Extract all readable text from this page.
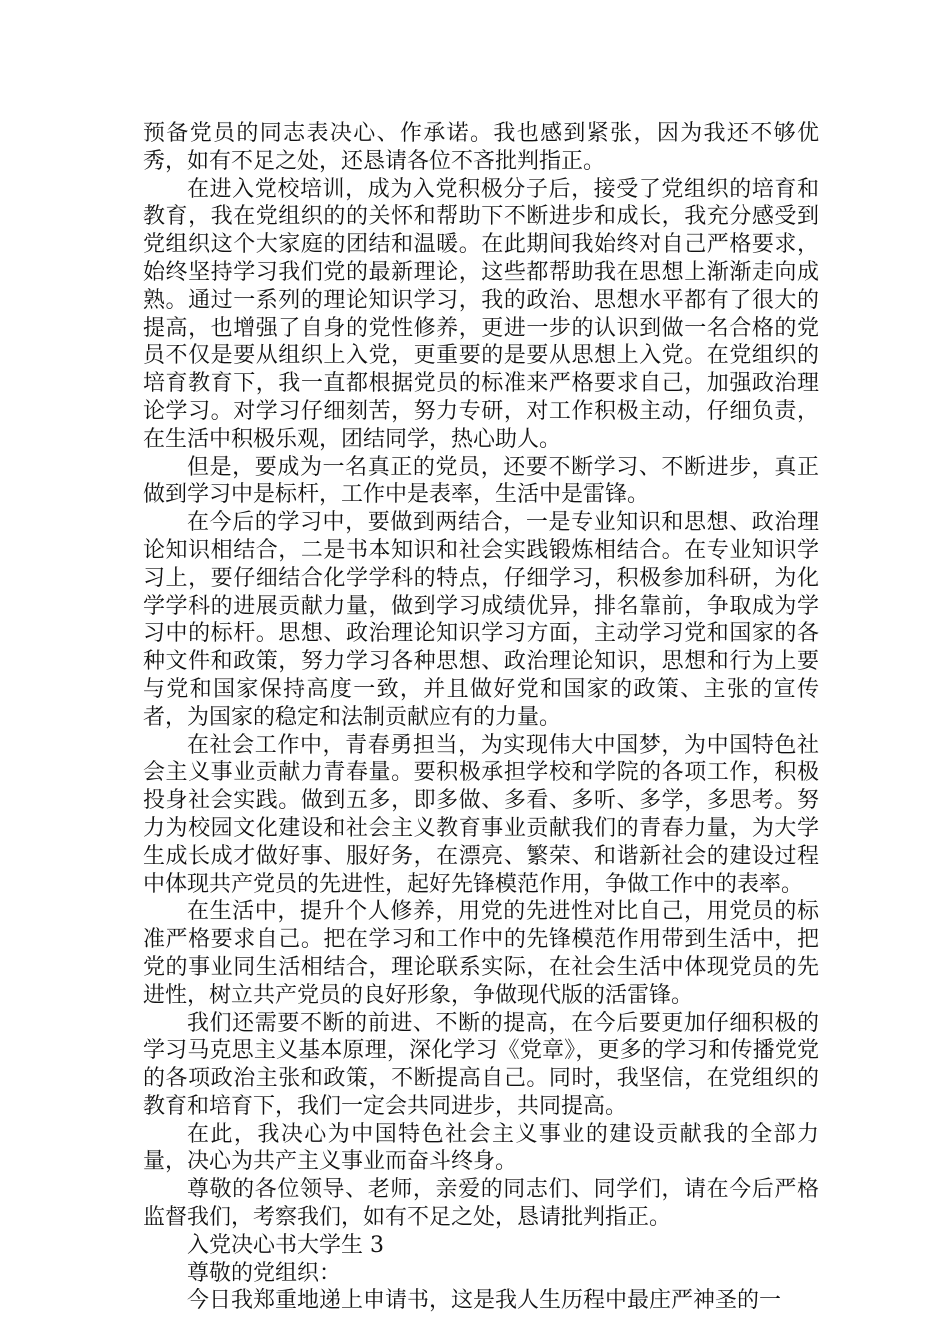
预备党员的同志表决心、作承诺。我也感到紧张，因为我还不够优秀，如有不足之处，还恳请各位不吝批判指正。

在进入党校培训，成为入党积极分子后，接受了党组织的培育和教育，我在党组织的的关怀和帮助下不断进步和成长，我充分感受到党组织这个大家庭的团结和温暖。在此期间我始终对自己严格要求，始终坚持学习我们党的最新理论，这些都帮助我在思想上渐渐走向成熟。通过一系列的理论知识学习，我的政治、思想水平都有了很大的提高，也增强了自身的党性修养，更进一步的认识到做一名合格的党员不仅是要从组织上入党，更重要的是要从思想上入党。在党组织的培育教育下，我一直都根据党员的标准来严格要求自己，加强政治理论学习。对学习仔细刻苦，努力专研，对工作积极主动，仔细负责，在生活中积极乐观，团结同学，热心助人。

但是，要成为一名真正的党员，还要不断学习、不断进步，真正做到学习中是标杆，工作中是表率，生活中是雷锋。

在今后的学习中，要做到两结合，一是专业知识和思想、政治理论知识相结合，二是书本知识和社会实践锻炼相结合。在专业知识学习上，要仔细结合化学学科的特点，仔细学习，积极参加科研，为化学学科的进展贡献力量，做到学习成绩优异，排名靠前，争取成为学习中的标杆。思想、政治理论知识学习方面，主动学习党和国家的各种文件和政策，努力学习各种思想、政治理论知识，思想和行为上要与党和国家保持高度一致，并且做好党和国家的政策、主张的宣传者，为国家的稳定和法制贡献应有的力量。

在社会工作中，青春勇担当，为实现伟大中国梦，为中国特色社会主义事业贡献力青春量。要积极承担学校和学院的各项工作，积极投身社会实践。做到五多，即多做、多看、多听、多学，多思考。努力为校园文化建设和社会主义教育事业贡献我们的青春力量，为大学生成长成才做好事、服好务，在漂亮、繁荣、和谐新社会的建设过程中体现共产党员的先进性，起好先锋模范作用，争做工作中的表率。

在生活中，提升个人修养，用党的先进性对比自己，用党员的标准严格要求自己。把在学习和工作中的先锋模范作用带到生活中，把党的事业同生活相结合，理论联系实际，在社会生活中体现党员的先进性，树立共产党员的良好形象，争做现代版的活雷锋。

我们还需要不断的前进、不断的提高，在今后要更加仔细积极的学习马克思主义基本原理，深化学习《党章》，更多的学习和传播党党的各项政治主张和政策，不断提高自己。同时，我坚信，在党组织的教育和培育下，我们一定会共同进步，共同提高。

在此，我决心为中国特色社会主义事业的建设贡献我的全部力量，决心为共产主义事业而奋斗终身。

尊敬的各位领导、老师，亲爱的同志们、同学们，请在今后严格监督我们，考察我们，如有不足之处，恳请批判指正。

入党决心书大学生 3

尊敬的党组织：

今日我郑重地递上申请书，这是我人生历程中最庄严神圣的一
